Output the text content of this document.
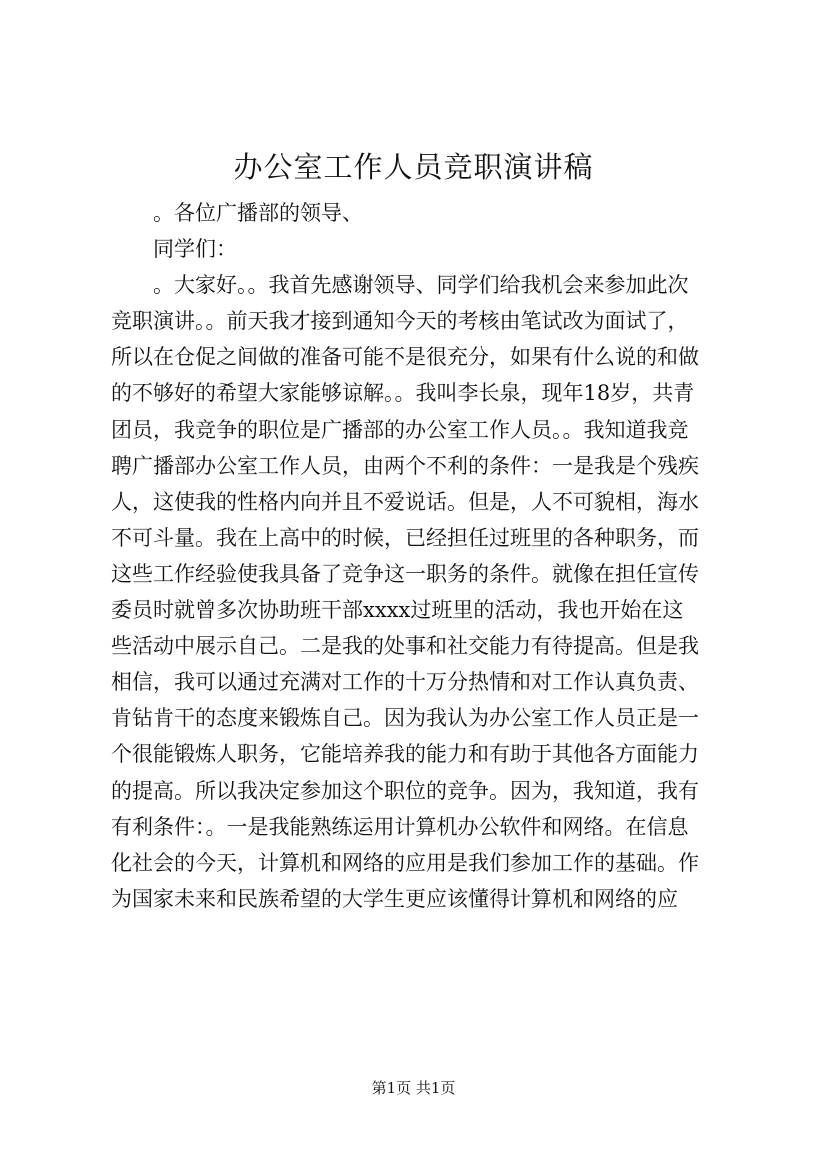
办公室工作人员竞职演讲稿
。各位广播部的领导、
同学们：
。大家好。。我首先感谢领导、同学们给我机会来参加此次
竞职演讲。。前天我才接到通知今天的考核由笔试改为面试了，
所以在仓促之间做的准备可能不是很充分，如果有什么说的和做
的不够好的希望大家能够谅解。。我叫李长泉，现年18岁，共青
团员，我竞争的职位是广播部的办公室工作人员。。我知道我竞
聘广播部办公室工作人员，由两个不利的条件：一是我是个残疾
人，这使我的性格内向并且不爱说话。但是，人不可貌相，海水
不可斗量。我在上高中的时候，已经担任过班里的各种职务，而
这些工作经验使我具备了竞争这一职务的条件。就像在担任宣传
委员时就曾多次协助班干部xxxx过班里的活动，我也开始在这
些活动中展示自己。二是我的处事和社交能力有待提高。但是我
相信，我可以通过充满对工作的十万分热情和对工作认真负责、
肯钻肯干的态度来锻炼自己。因为我认为办公室工作人员正是一
个很能锻炼人职务，它能培养我的能力和有助于其他各方面能力
的提高。所以我决定参加这个职位的竞争。因为，我知道，我有
有利条件：。一是我能熟练运用计算机办公软件和网络。在信息
化社会的今天，计算机和网络的应用是我们参加工作的基础。作
为国家未来和民族希望的大学生更应该懂得计算机和网络的应
第1页 共1页
